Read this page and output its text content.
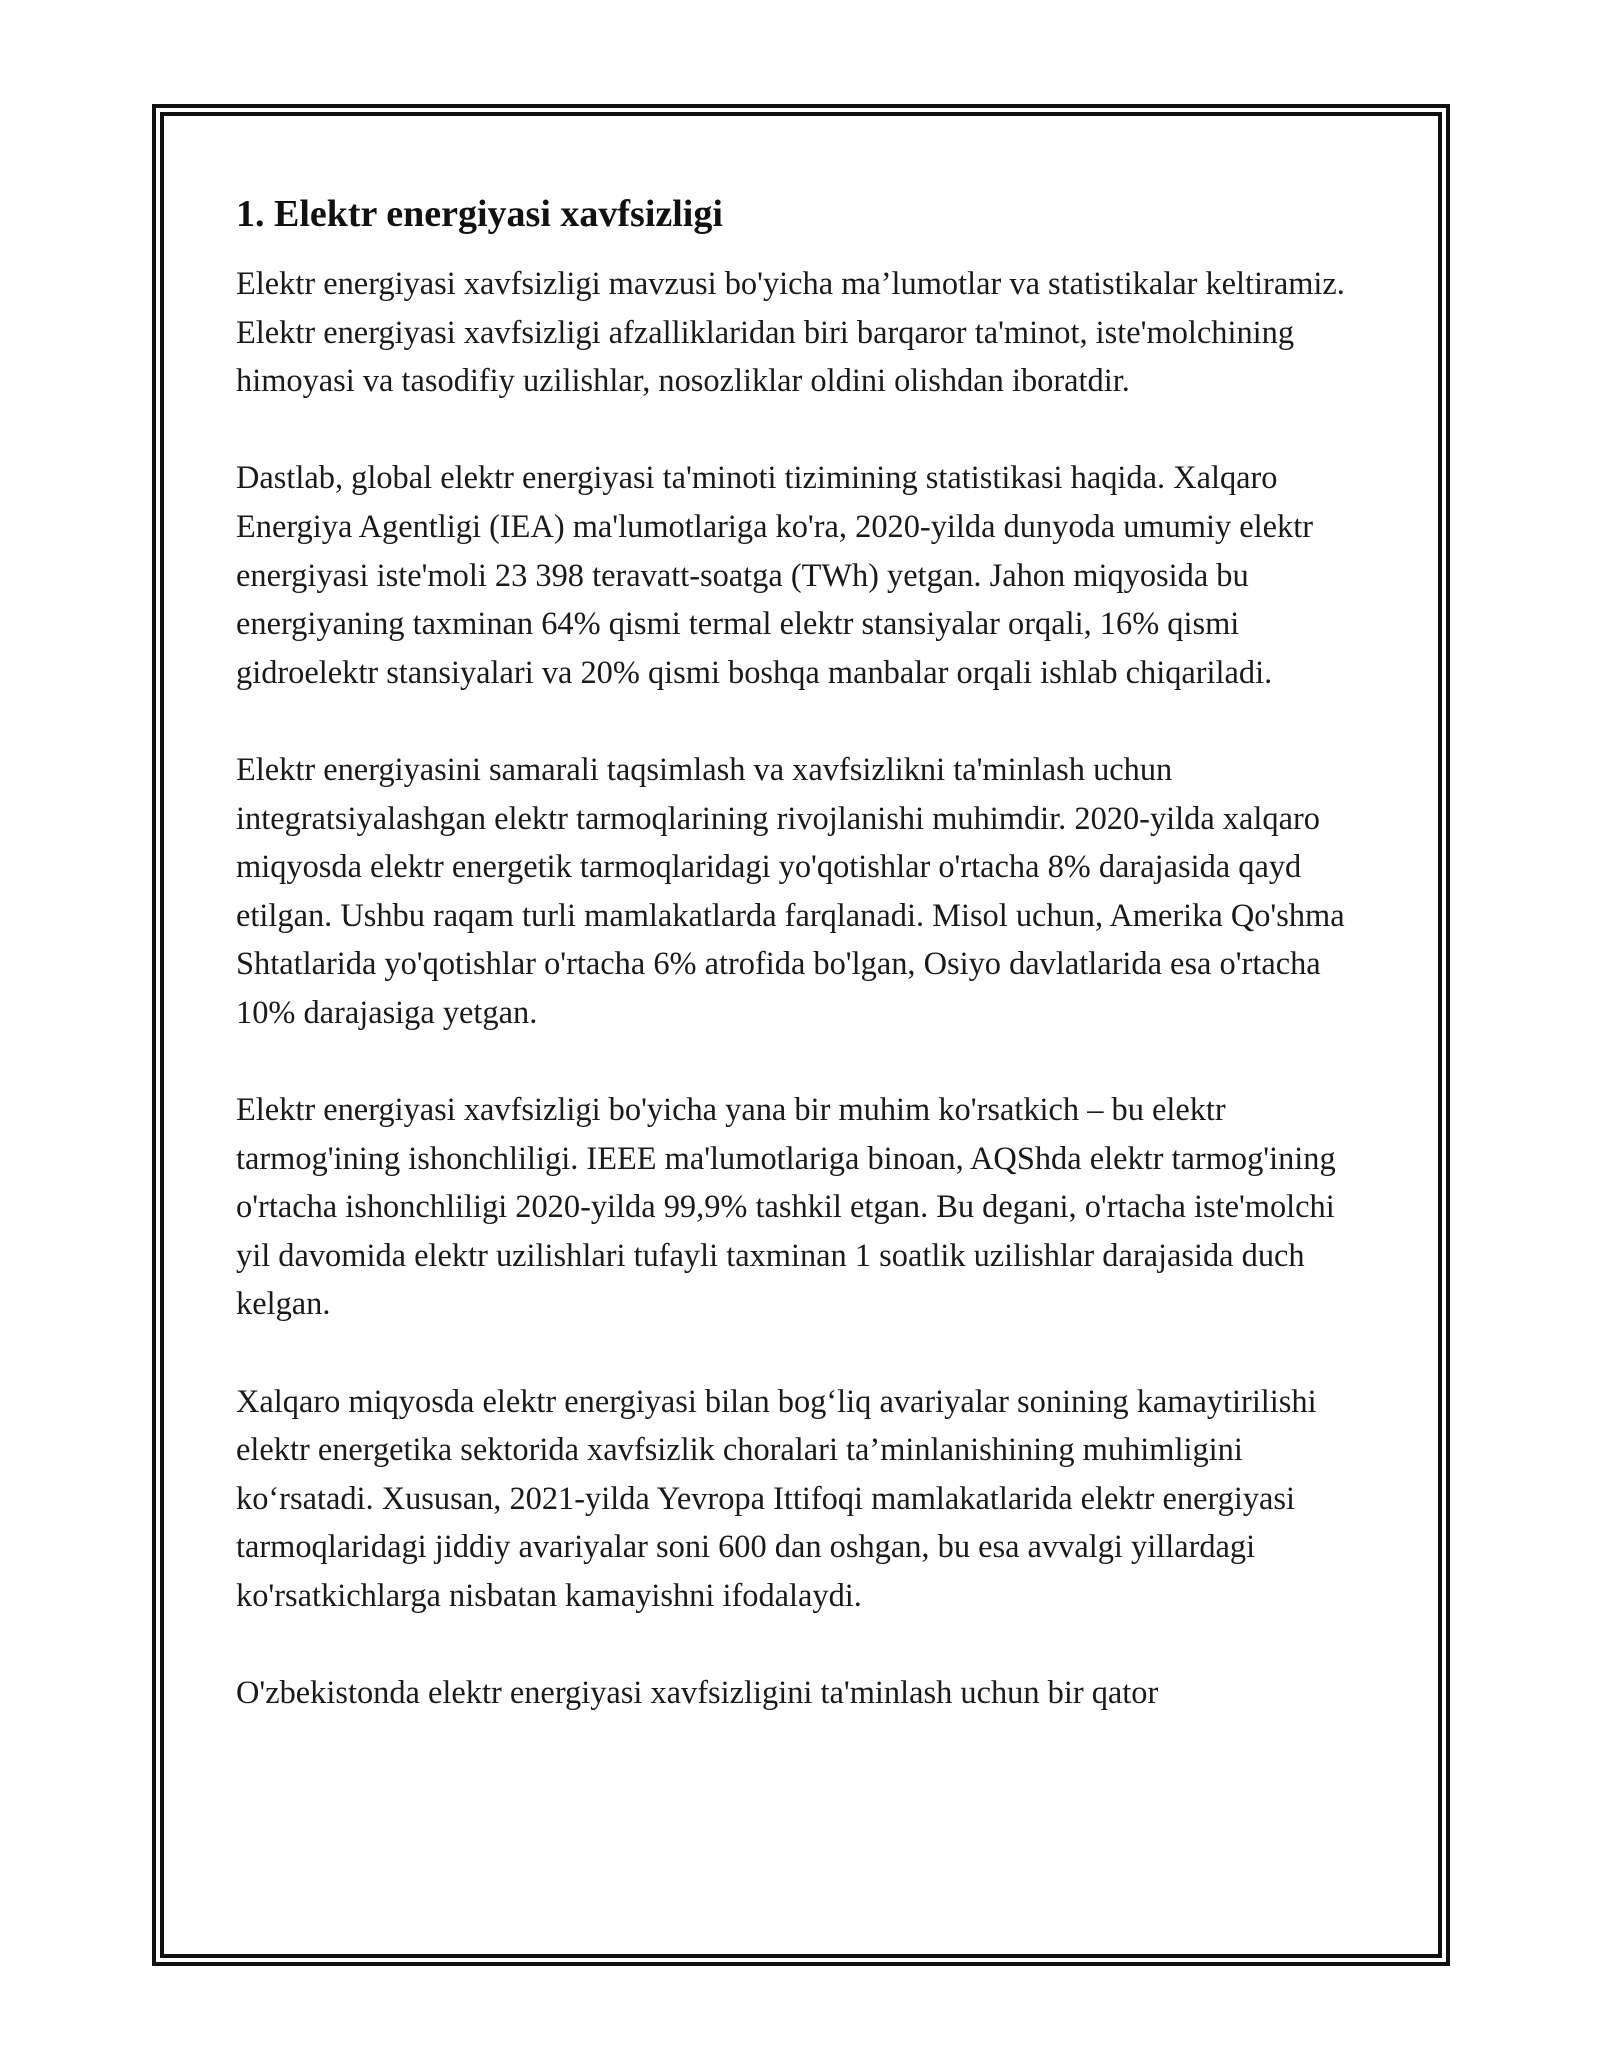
1. Elektr energiyasi xavfsizligi

Elektr energiyasi xavfsizligi mavzusi bo'yicha ma’lumotlar va statistikalar keltiramiz. Elektr energiyasi xavfsizligi afzalliklaridan biri barqaror ta'minot, iste'molchining himoyasi va tasodifiy uzilishlar, nosozliklar oldini olishdan iboratdir.

Dastlab, global elektr energiyasi ta'minoti tizimining statistikasi haqida. Xalqaro Energiya Agentligi (IEA) ma'lumotlariga ko'ra, 2020-yilda dunyoda umumiy elektr energiyasi iste'moli 23 398 teravatt-soatga (TWh) yetgan. Jahon miqyosida bu energiyaning taxminan 64% qismi termal elektr stansiyalar orqali, 16% qismi gidroelektr stansiyalari va 20% qismi boshqa manbalar orqali ishlab chiqariladi.

Elektr energiyasini samarali taqsimlash va xavfsizlikni ta'minlash uchun integratsiyalashgan elektr tarmoqlarining rivojlanishi muhimdir. 2020-yilda xalqaro miqyosda elektr energetik tarmoqlaridagi yo'qotishlar o'rtacha 8% darajasida qayd etilgan. Ushbu raqam turli mamlakatlarda farqlanadi. Misol uchun, Amerika Qo'shma Shtatlarida yo'qotishlar o'rtacha 6% atrofida bo'lgan, Osiyo davlatlarida esa o'rtacha 10% darajasiga yetgan.

Elektr energiyasi xavfsizligi bo'yicha yana bir muhim ko'rsatkich – bu elektr tarmog'ining ishonchliligi. IEEE ma'lumotlariga binoan, AQShda elektr tarmog'ining o'rtacha ishonchliligi 2020-yilda 99,9% tashkil etgan. Bu degani, o'rtacha iste'molchi yil davomida elektr uzilishlari tufayli taxminan 1 soatlik uzilishlar darajasida duch kelgan.

Xalqaro miqyosda elektr energiyasi bilan bog‘liq avariyalar sonining kamaytirilishi elektr energetika sektorida xavfsizlik choralari ta’minlanishining muhimligini ko‘rsatadi. Xususan, 2021-yilda Yevropa Ittifoqi mamlakatlarida elektr energiyasi tarmoqlaridagi jiddiy avariyalar soni 600 dan oshgan, bu esa avvalgi yillardagi ko'rsatkichlarga nisbatan kamayishni ifodalaydi.

O'zbekistonda elektr energiyasi xavfsizligini ta'minlash uchun bir qator
